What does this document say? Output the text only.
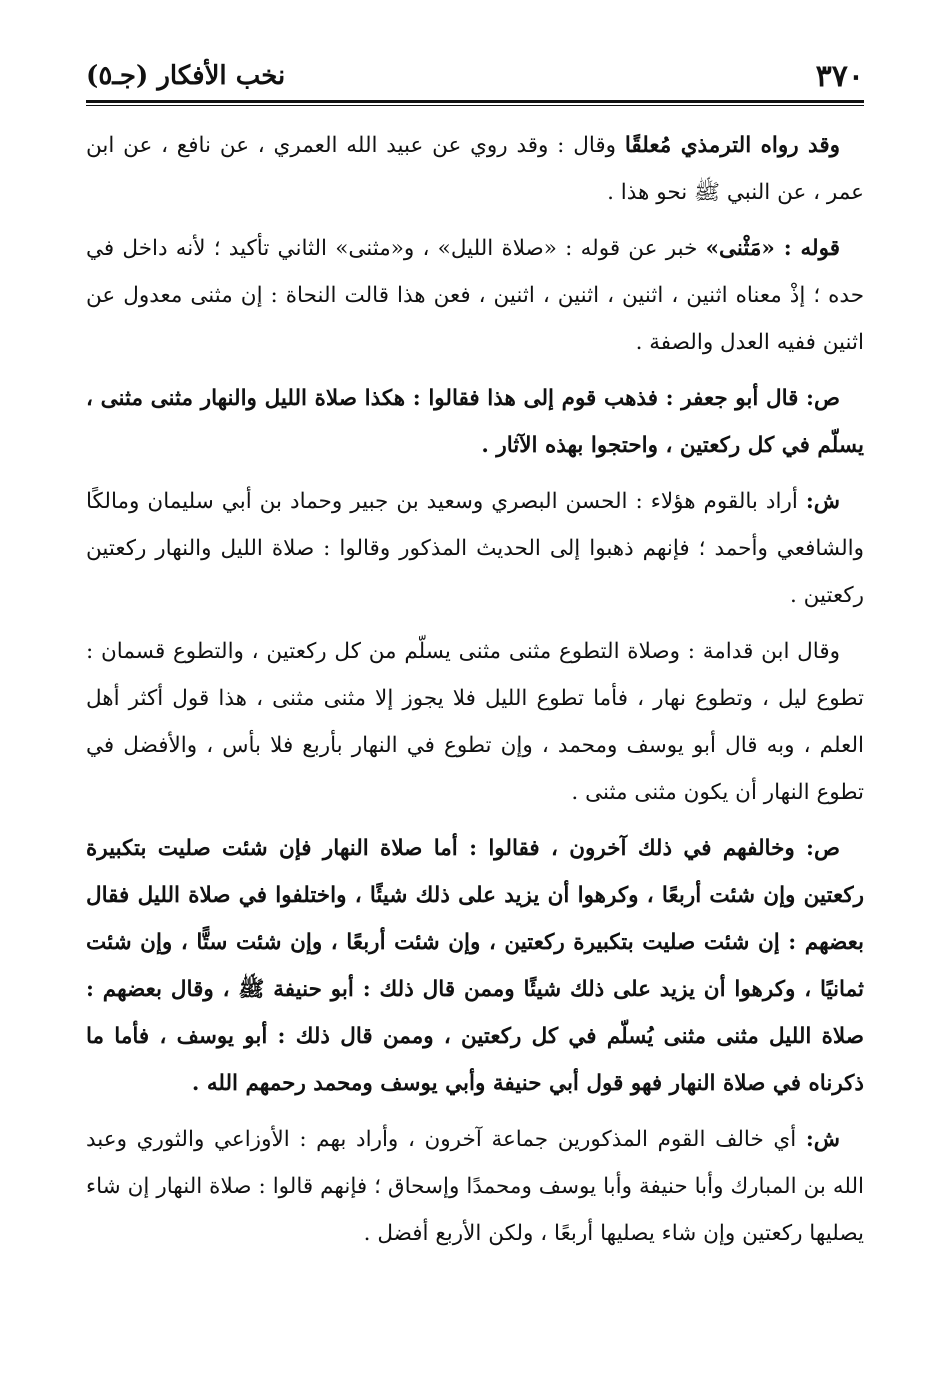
٣٧٠
نخب الأفكار (جـ٥)

وقد رواه الترمذي مُعلقًا وقال : وقد روي عن عبيد الله العمري ، عن نافع ، عن ابن عمر ، عن النبي ﷺ نحو هذا .

قوله : «مَثْنى» خبر عن قوله : «صلاة الليل» ، و«مثنى» الثاني تأكيد ؛ لأنه داخل في حده ؛ إذْ معناه اثنين ، اثنين ، اثنين ، اثنين ، فعن هذا قالت النحاة : إن مثنى معدول عن اثنين ففيه العدل والصفة .

ص: قال أبو جعفر : فذهب قوم إلى هذا فقالوا : هكذا صلاة الليل والنهار مثنى مثنى ، يسلّم في كل ركعتين ، واحتجوا بهذه الآثار .

ش: أراد بالقوم هؤلاء : الحسن البصري وسعيد بن جبير وحماد بن أبي سليمان ومالكًا والشافعي وأحمد ؛ فإنهم ذهبوا إلى الحديث المذكور وقالوا : صلاة الليل والنهار ركعتين ركعتين .

وقال ابن قدامة : وصلاة التطوع مثنى مثنى يسلّم من كل ركعتين ، والتطوع قسمان : تطوع ليل ، وتطوع نهار ، فأما تطوع الليل فلا يجوز إلا مثنى مثنى ، هذا قول أكثر أهل العلم ، وبه قال أبو يوسف ومحمد ، وإن تطوع في النهار بأربع فلا بأس ، والأفضل في تطوع النهار أن يكون مثنى مثنى .

ص: وخالفهم في ذلك آخرون ، فقالوا : أما صلاة النهار فإن شئت صليت بتكبيرة ركعتين وإن شئت أربعًا ، وكرهوا أن يزيد على ذلك شيئًا ، واختلفوا في صلاة الليل فقال بعضهم : إن شئت صليت بتكبيرة ركعتين ، وإن شئت أربعًا ، وإن شئت ستًّا ، وإن شئت ثمانيًا ، وكرهوا أن يزيد على ذلك شيئًا وممن قال ذلك : أبو حنيفة ﷺ ، وقال بعضهم : صلاة الليل مثنى مثنى يُسلّم في كل ركعتين ، وممن قال ذلك : أبو يوسف ، فأما ما ذكرناه في صلاة النهار فهو قول أبي حنيفة وأبي يوسف ومحمد رحمهم الله .

ش: أي خالف القوم المذكورين جماعة آخرون ، وأراد بهم : الأوزاعي والثوري وعبد الله بن المبارك وأبا حنيفة وأبا يوسف ومحمدًا وإسحاق ؛ فإنهم قالوا : صلاة النهار إن شاء يصليها ركعتين وإن شاء يصليها أربعًا ، ولكن الأربع أفضل .
